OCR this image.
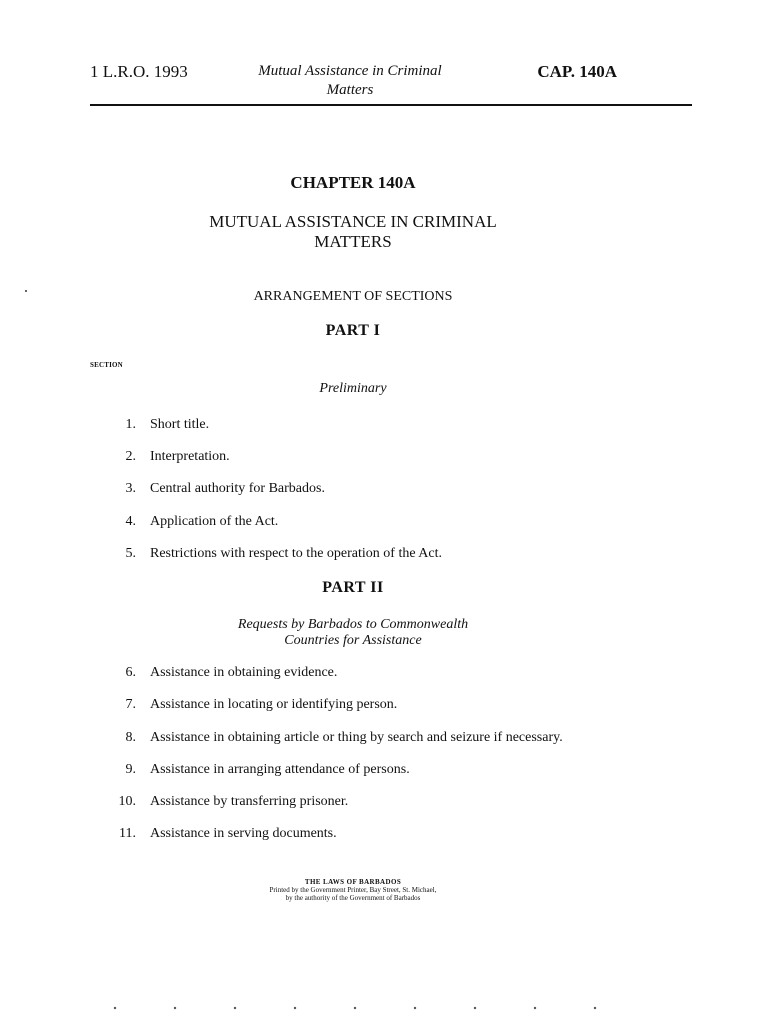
1 L.R.O. 1993	Mutual Assistance in Criminal
Matters
CAP. 140A
CHAPTER 140A
MUTUAL ASSISTANCE IN CRIMINAL
MATTERS
ARRANGEMENT OF SECTIONS
PART I
SECTION
Preliminary
1. Short title.
2. Interpretation.
3. Central authority for Barbados.
4. Application of the Act.
5. Restrictions with respect to the operation of the Act.
PART II
Requests by Barbados to Commonwealth
Countries for Assistance
6. Assistance in obtaining evidence.
7. Assistance in locating or identifying person.
8. Assistance in obtaining article or thing by search and seizure if necessary.
9. Assistance in arranging attendance of persons.
10. Assistance by transferring prisoner.
11. Assistance in serving documents.
THE LAWS OF BARBADOS
Printed by the Government Printer, Bay Street, St. Michael,
by the authority of the Government of Barbados
